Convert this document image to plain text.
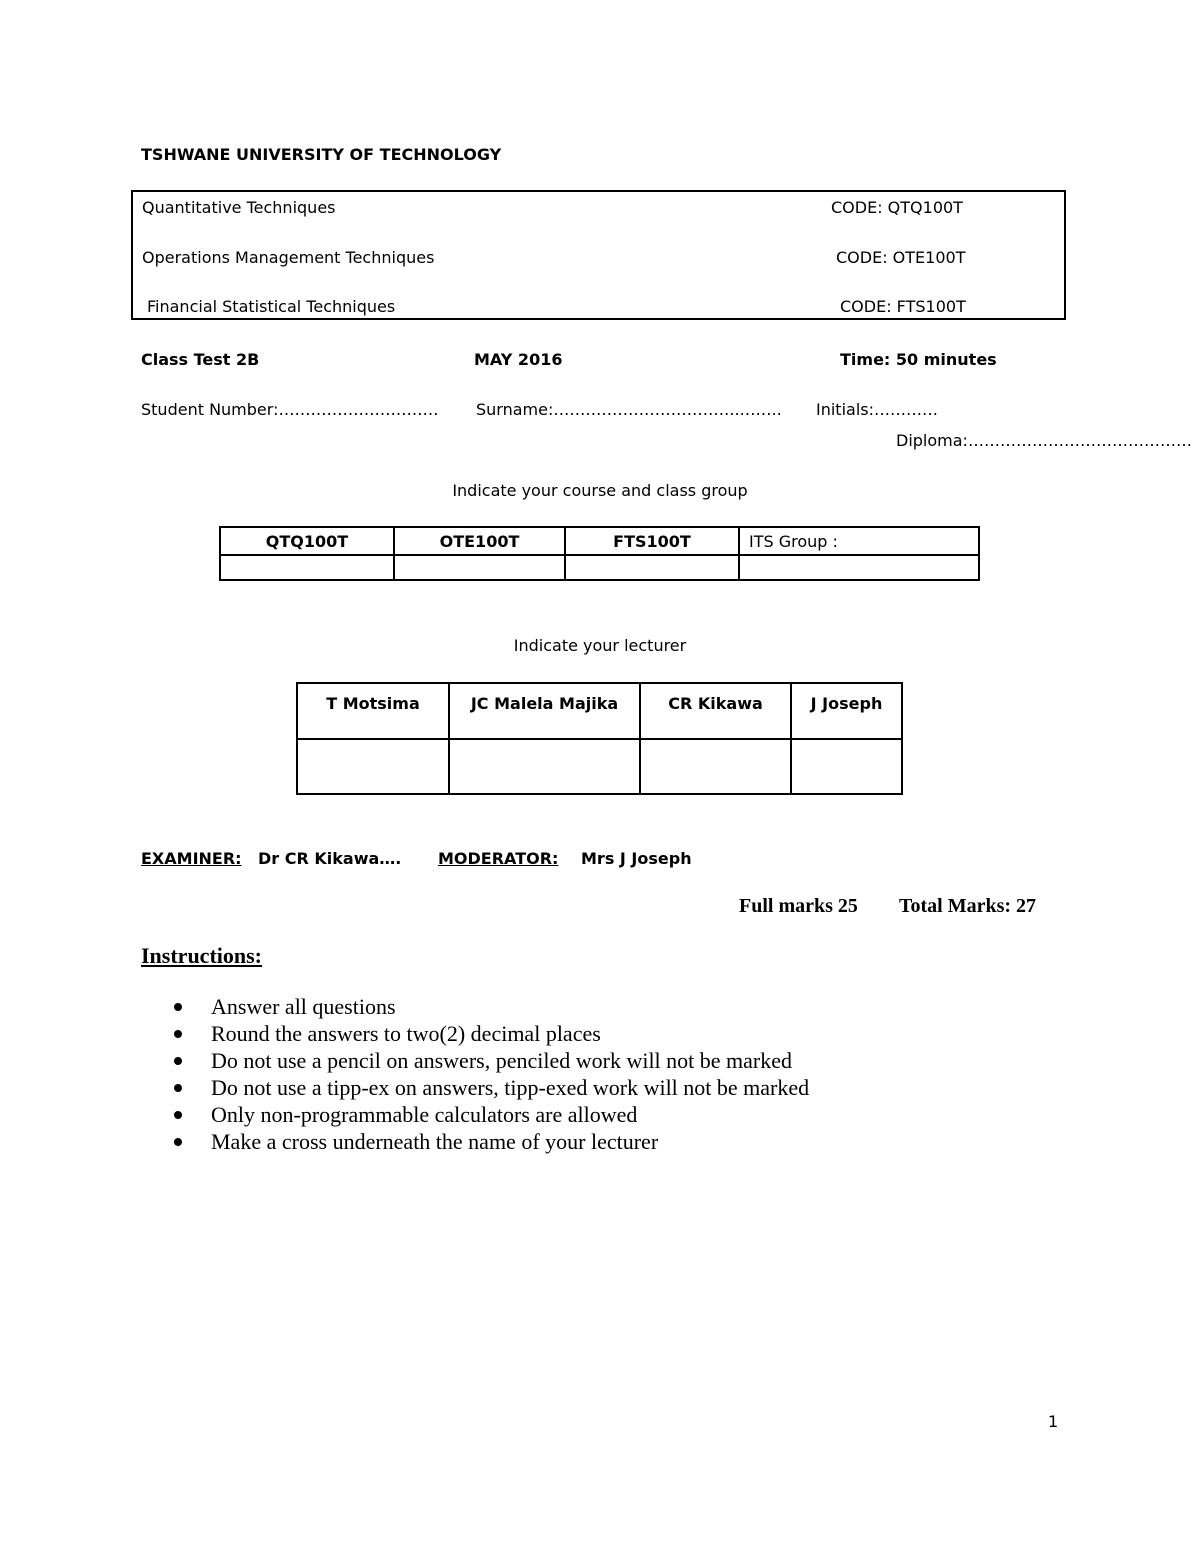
TSHWANE UNIVERSITY OF TECHNOLOGY
Quantitative Techniques	CODE: QTQ100T
Operations Management Techniques	CODE: OTE100T
Financial Statistical Techniques	CODE: FTS100T
Class Test 2B	MAY 2016	Time: 50 minutes
Student Number:………………………… Surname:……………………………..…….. Initials:…………
Diploma:……………………………………
Indicate your course and class group
QTQ100T	OTE100T	FTS100T	ITS Group :

Indicate your lecturer
T Motsima	JC Malela Majika	CR Kikawa	J Joseph

EXAMINER: Dr CR Kikawa…. MODERATOR: Mrs J Joseph
Full marks 25 Total Marks: 27
Instructions:
Answer all questions
Round the answers to two(2) decimal places
Do not use a pencil on answers, penciled work will not be marked
Do not use a tipp-ex on answers, tipp-exed work will not be marked
Only non-programmable calculators are allowed
Make a cross underneath the name of your lecturer
1
